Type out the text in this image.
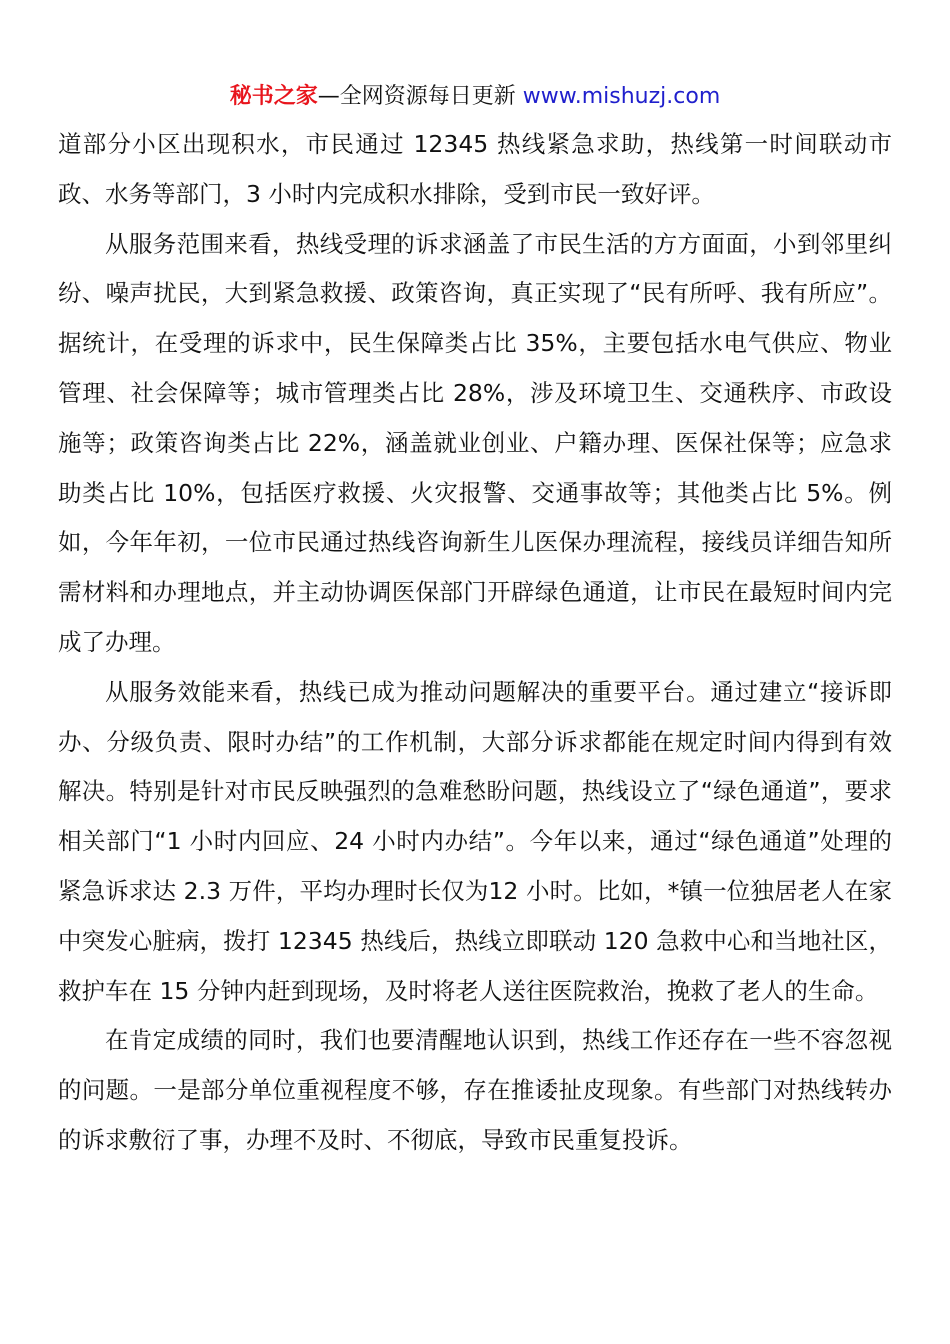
秘书之家—全网资源每日更新 www.mishuzj.com

道部分小区出现积水，市民通过 12345 热线紧急求助，热线第一时间联动市政、水务等部门，3 小时内完成积水排除，受到市民一致好评。

从服务范围来看，热线受理的诉求涵盖了市民生活的方方面面，小到邻里纠纷、噪声扰民，大到紧急救援、政策咨询，真正实现了“民有所呼、我有所应”。据统计，在受理的诉求中，民生保障类占比 35%，主要包括水电气供应、物业管理、社会保障等；城市管理类占比 28%，涉及环境卫生、交通秩序、市政设施等；政策咨询类占比 22%，涵盖就业创业、户籍办理、医保社保等；应急求助类占比 10%，包括医疗救援、火灾报警、交通事故等；其他类占比 5%。例如，今年年初，一位市民通过热线咨询新生儿医保办理流程，接线员详细告知所需材料和办理地点，并主动协调医保部门开辟绿色通道，让市民在最短时间内完成了办理。

从服务效能来看，热线已成为推动问题解决的重要平台。通过建立“接诉即办、分级负责、限时办结”的工作机制，大部分诉求都能在规定时间内得到有效解决。特别是针对市民反映强烈的急难愁盼问题，热线设立了“绿色通道”，要求相关部门“1 小时内回应、24 小时内办结”。今年以来，通过“绿色通道”处理的紧急诉求达 2.3 万件，平均办理时长仅为12 小时。比如，*镇一位独居老人在家中突发心脏病，拨打 12345 热线后，热线立即联动 120 急救中心和当地社区，救护车在 15 分钟内赶到现场，及时将老人送往医院救治，挽救了老人的生命。

在肯定成绩的同时，我们也要清醒地认识到，热线工作还存在一些不容忽视的问题。一是部分单位重视程度不够，存在推诿扯皮现象。有些部门对热线转办的诉求敷衍了事，办理不及时、不彻底，导致市民重复投诉。
